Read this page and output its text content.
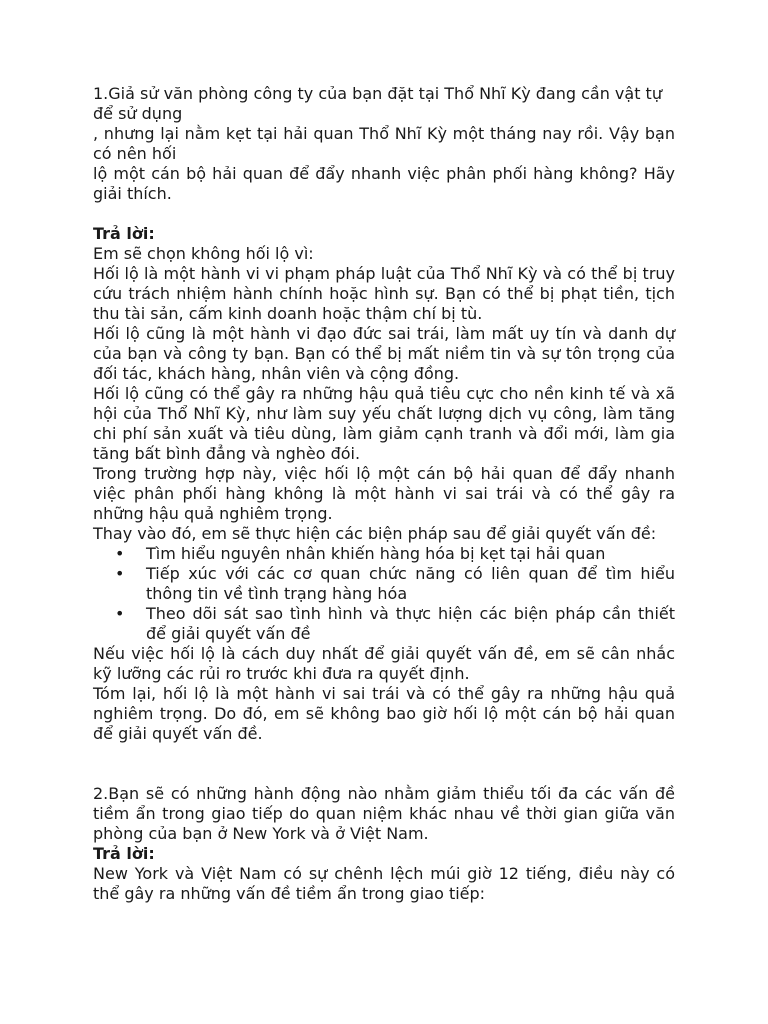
1.Giả sử văn phòng công ty của bạn đặt tại Thổ Nhĩ Kỳ đang cần vật tự để sử dụng

, nhưng lại nằm kẹt tại hải quan Thổ Nhĩ Kỳ một tháng nay rồi. Vậy bạn có nên hối

lộ một cán bộ hải quan để đẩy nhanh việc phân phối hàng không? Hãy giải thích.

Trả lời:

Em sẽ chọn không hối lộ vì:

Hối lộ là một hành vi vi phạm pháp luật của Thổ Nhĩ Kỳ và có thể bị truy cứu trách nhiệm hành chính hoặc hình sự. Bạn có thể bị phạt tiền, tịch thu tài sản, cấm kinh doanh hoặc thậm chí bị tù.

Hối lộ cũng là một hành vi đạo đức sai trái, làm mất uy tín và danh dự của bạn và công ty bạn. Bạn có thể bị mất niềm tin và sự tôn trọng của đối tác, khách hàng, nhân viên và cộng đồng.

Hối lộ cũng có thể gây ra những hậu quả tiêu cực cho nền kinh tế và xã hội của Thổ Nhĩ Kỳ, như làm suy yếu chất lượng dịch vụ công, làm tăng chi phí sản xuất và tiêu dùng, làm giảm cạnh tranh và đổi mới, làm gia tăng bất bình đẳng và nghèo đói.

Trong trường hợp này, việc hối lộ một cán bộ hải quan để đẩy nhanh việc phân phối hàng không là một hành vi sai trái và có thể gây ra những hậu quả nghiêm trọng.

Thay vào đó, em sẽ thực hiện các biện pháp sau để giải quyết vấn đề:

• Tìm hiểu nguyên nhân khiến hàng hóa bị kẹt tại hải quan
• Tiếp xúc với các cơ quan chức năng có liên quan để tìm hiểu thông tin về tình trạng hàng hóa
• Theo dõi sát sao tình hình và thực hiện các biện pháp cần thiết để giải quyết vấn đề

Nếu việc hối lộ là cách duy nhất để giải quyết vấn đề, em sẽ cân nhắc kỹ lưỡng các rủi ro trước khi đưa ra quyết định.

Tóm lại, hối lộ là một hành vi sai trái và có thể gây ra những hậu quả nghiêm trọng. Do đó, em sẽ không bao giờ hối lộ một cán bộ hải quan để giải quyết vấn đề.

2.Bạn sẽ có những hành động nào nhằm giảm thiểu tối đa các vấn đề tiềm ẩn trong giao tiếp do quan niệm khác nhau về thời gian giữa văn phòng của bạn ở New York và ở Việt Nam.

Trả lời:

New York và Việt Nam có sự chênh lệch múi giờ 12 tiếng, điều này có thể gây ra những vấn đề tiềm ẩn trong giao tiếp:
